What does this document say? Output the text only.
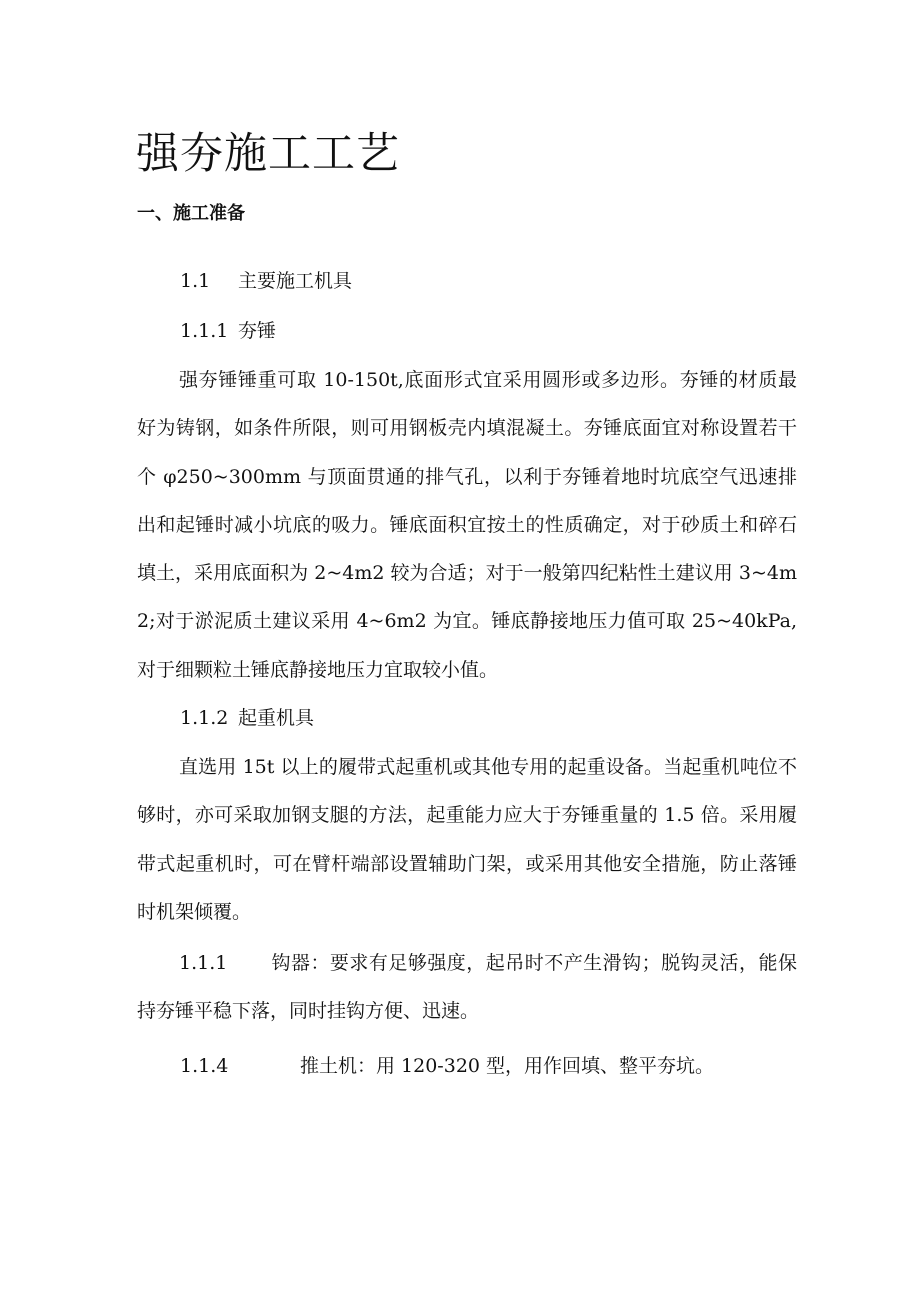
强夯施工工艺
一、施工准备
1.1 主要施工机具
1.1.1 夯锤

强夯锤锤重可取 10-150t,底面形式宜采用圆形或多边形。夯锤的材质最好为铸钢，如条件所限，则可用钢板壳内填混凝土。夯锤底面宜对称设置若干个 φ250~300mm 与顶面贯通的排气孔，以利于夯锤着地时坑底空气迅速排出和起锤时减小坑底的吸力。锤底面积宜按土的性质确定，对于砂质土和碎石填土，采用底面积为 2~4m2 较为合适；对于一般第四纪粘性土建议用 3~4m2;对于淤泥质土建议采用 4~6m2 为宜。锤底静接地压力值可取 25~40kPa,对于细颗粒土锤底静接地压力宜取较小值。

1.1.2 起重机具

直选用 15t 以上的履带式起重机或其他专用的起重设备。当起重机吨位不够时，亦可采取加钢支腿的方法，起重能力应大于夯锤重量的 1.5 倍。采用履带式起重机时，可在臂杆端部设置辅助门架，或采用其他安全措施，防止落锤时机架倾覆。

1.1.1 钩器：要求有足够强度，起吊时不产生滑钩；脱钩灵活，能保持夯锤平稳下落，同时挂钩方便、迅速。

1.1.4	推土机：用 120-320 型，用作回填、整平夯坑。
